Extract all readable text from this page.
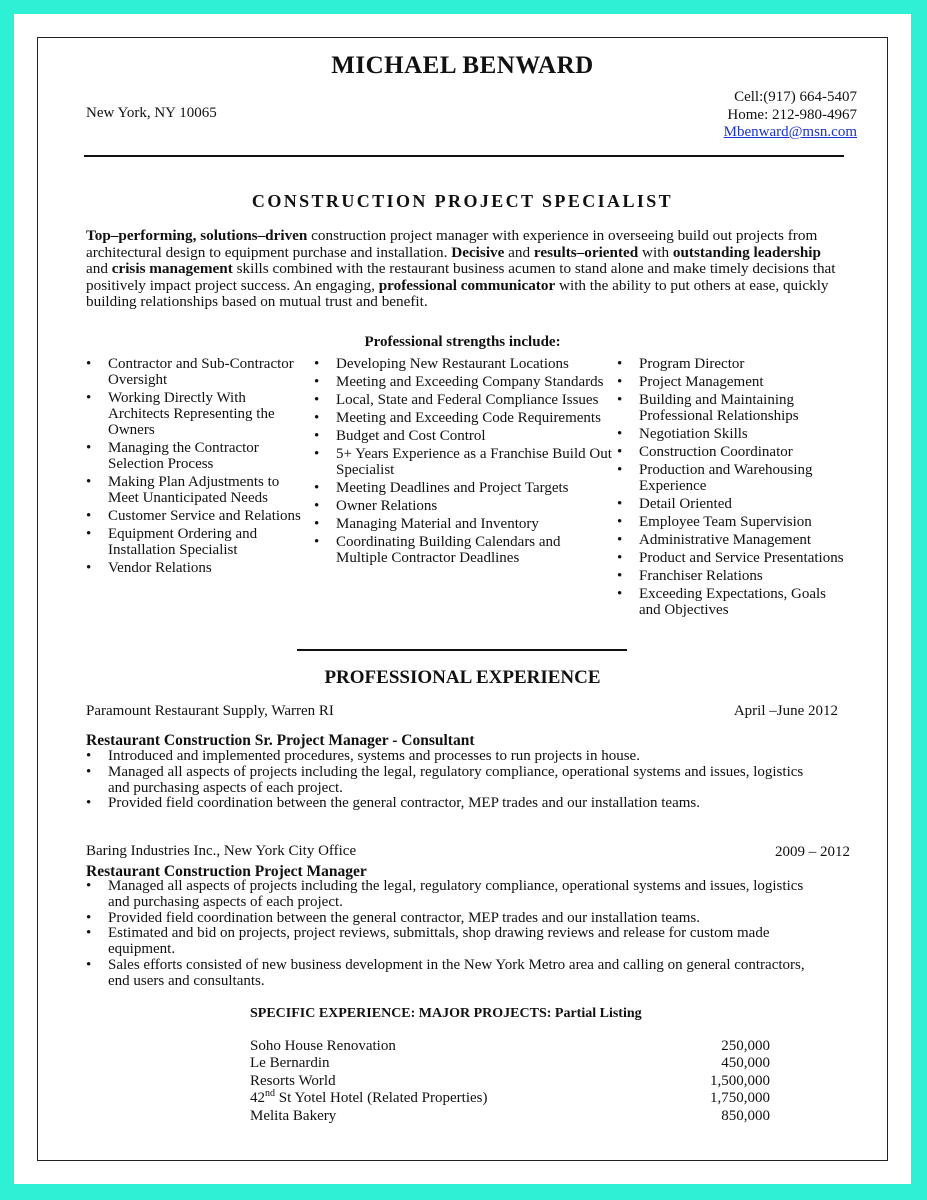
MICHAEL BENWARD
New York, NY 10065
Cell:(917) 664-5407
Home: 212-980-4967
Mbenward@msn.com
CONSTRUCTION PROJECT SPECIALIST
Top–performing, solutions–driven construction project manager with experience in overseeing build out projects from architectural design to equipment purchase and installation. Decisive and results–oriented with outstanding leadership and crisis management skills combined with the restaurant business acumen to stand alone and make timely decisions that positively impact project success. An engaging, professional communicator with the ability to put others at ease, quickly building relationships based on mutual trust and benefit.
Professional strengths include:
• Contractor and Sub-Contractor Oversight
• Working Directly With Architects Representing the Owners
• Managing the Contractor Selection Process
• Making Plan Adjustments to Meet Unanticipated Needs
• Customer Service and Relations
• Equipment Ordering and Installation Specialist
• Vendor Relations
• Developing New Restaurant Locations
• Meeting and Exceeding Company Standards
• Local, State and Federal Compliance Issues
• Meeting and Exceeding Code Requirements
• Budget and Cost Control
• 5+ Years Experience as a Franchise Build Out Specialist
• Meeting Deadlines and Project Targets
• Owner Relations
• Managing Material and Inventory
• Coordinating Building Calendars and Multiple Contractor Deadlines
• Program Director
• Project Management
• Building and Maintaining Professional Relationships
• Negotiation Skills
• Construction Coordinator
• Production and Warehousing Experience
• Detail Oriented
• Employee Team Supervision
• Administrative Management
• Product and Service Presentations
• Franchiser Relations
• Exceeding Expectations, Goals and Objectives
PROFESSIONAL EXPERIENCE
Paramount Restaurant Supply, Warren RI	April –June 2012
Restaurant Construction Sr. Project Manager - Consultant
• Introduced and implemented procedures, systems and processes to run projects in house.
• Managed all aspects of projects including the legal, regulatory compliance, operational systems and issues, logistics and purchasing aspects of each project.
• Provided field coordination between the general contractor, MEP trades and our installation teams.
Baring Industries Inc., New York City Office	2009 – 2012
Restaurant Construction Project Manager
• Managed all aspects of projects including the legal, regulatory compliance, operational systems and issues, logistics and purchasing aspects of each project.
• Provided field coordination between the general contractor, MEP trades and our installation teams.
• Estimated and bid on projects, project reviews, submittals, shop drawing reviews and release for custom made equipment.
• Sales efforts consisted of new business development in the New York Metro area and calling on general contractors, end users and consultants.
SPECIFIC EXPERIENCE: MAJOR PROJECTS: Partial Listing
Soho House Renovation	250,000
Le Bernardin	450,000
Resorts World	1,500,000
42nd St Yotel Hotel (Related Properties)	1,750,000
Melita Bakery	850,000
